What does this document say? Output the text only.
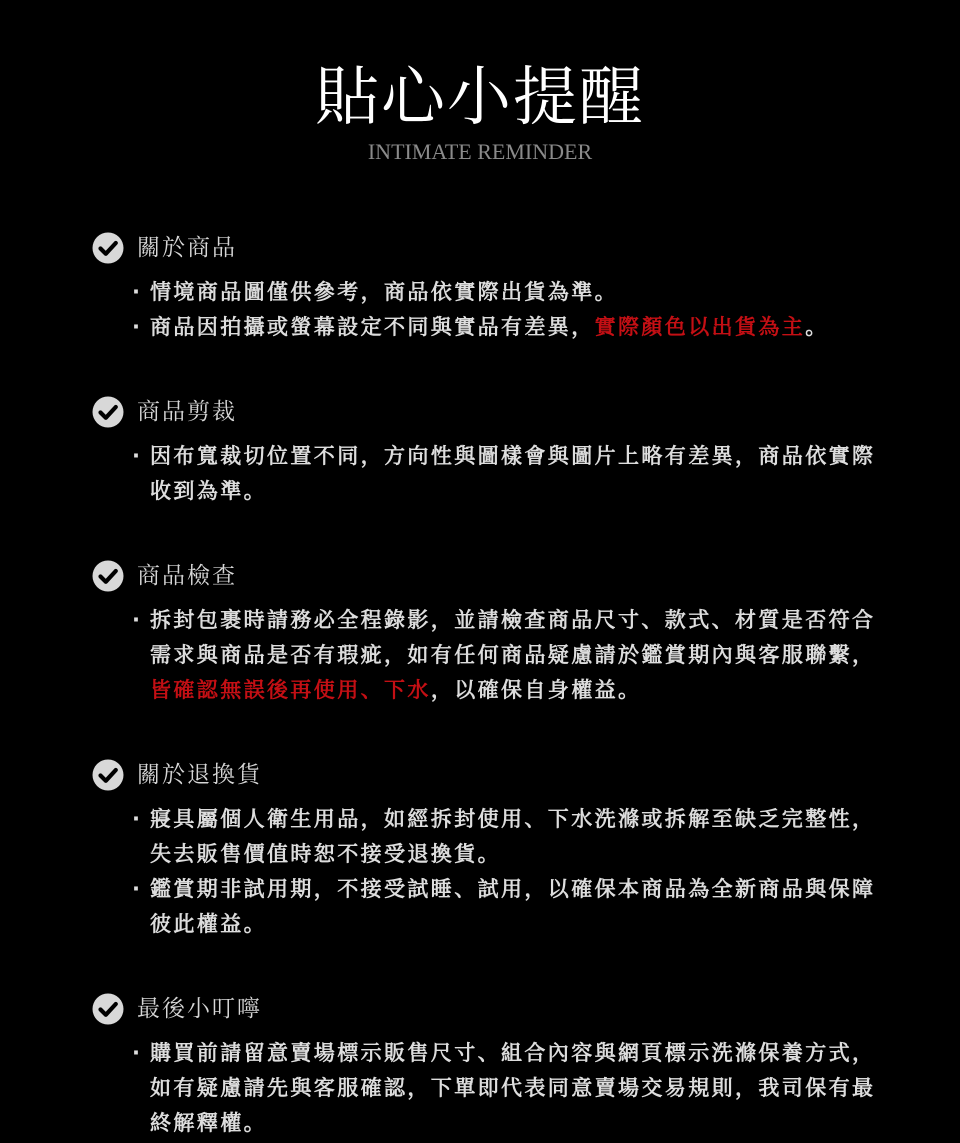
貼心小提醒
INTIMATE REMINDER
關於商品
· 情境商品圖僅供參考，商品依實際出貨為準。
· 商品因拍攝或螢幕設定不同與實品有差異，實際顏色以出貨為主。
商品剪裁
· 因布寬裁切位置不同，方向性與圖樣會與圖片上略有差異，商品依實際收到為準。
商品檢查
· 拆封包裹時請務必全程錄影，並請檢查商品尺寸、款式、材質是否符合需求與商品是否有瑕疵，如有任何商品疑慮請於鑑賞期內與客服聯繫，皆確認無誤後再使用、下水，以確保自身權益。
關於退換貨
· 寢具屬個人衛生用品，如經拆封使用、下水洗滌或拆解至缺乏完整性，失去販售價值時恕不接受退換貨。
· 鑑賞期非試用期，不接受試睡、試用，以確保本商品為全新商品與保障彼此權益。
最後小叮嚀
· 購買前請留意賣場標示販售尺寸、組合內容與網頁標示洗滌保養方式，如有疑慮請先與客服確認，下單即代表同意賣場交易規則，我司保有最終解釋權。
